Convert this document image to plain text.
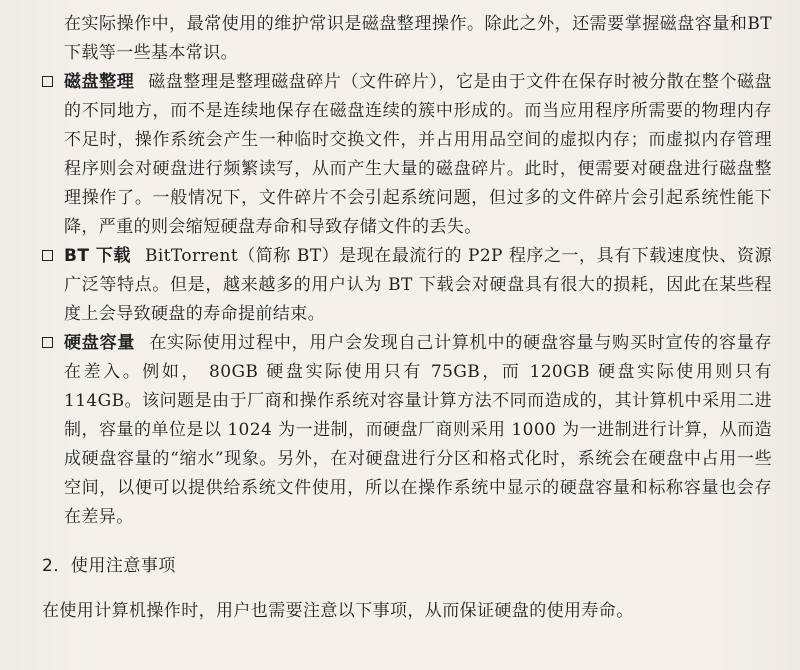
在实际操作中，最常使用的维护常识是磁盘整理操作。除此之外，还需要掌握磁盘容量和BT下载等一些基本常识。

磁盘整理 磁盘整理是整理磁盘碎片（文件碎片），它是由于文件在保存时被分散在整个磁盘的不同地方，而不是连续地保存在磁盘连续的簇中形成的。而当应用程序所需要的物理内存不足时，操作系统会产生一种临时交换文件，并占用用品空间的虚拟内存；而虚拟内存管理程序则会对硬盘进行频繁读写，从而产生大量的磁盘碎片。此时，便需要对硬盘进行磁盘整理操作了。一般情况下，文件碎片不会引起系统问题，但过多的文件碎片会引起系统性能下降，严重的则会缩短硬盘寿命和导致存储文件的丢失。

BT 下载 BitTorrent（简称 BT）是现在最流行的 P2P 程序之一，具有下载速度快、资源广泛等特点。但是，越来越多的用户认为 BT 下载会对硬盘具有很大的损耗，因此在某些程度上会导致硬盘的寿命提前结束。

硬盘容量 在实际使用过程中，用户会发现自己计算机中的硬盘容量与购买时宣传的容量存在差入。例如， 80GB 硬盘实际使用只有 75GB，而 120GB 硬盘实际使用则只有 114GB。该问题是由于厂商和操作系统对容量计算方法不同而造成的，其计算机中采用二进制，容量的单位是以 1024 为一进制，而硬盘厂商则采用 1000 为一进制进行计算，从而造成硬盘容量的“缩水”现象。另外，在对硬盘进行分区和格式化时，系统会在硬盘中占用一些空间，以便可以提供给系统文件使用，所以在操作系统中显示的硬盘容量和标称容量也会存在差异。

2．使用注意事项

在使用计算机操作时，用户也需要注意以下事项，从而保证硬盘的使用寿命。
